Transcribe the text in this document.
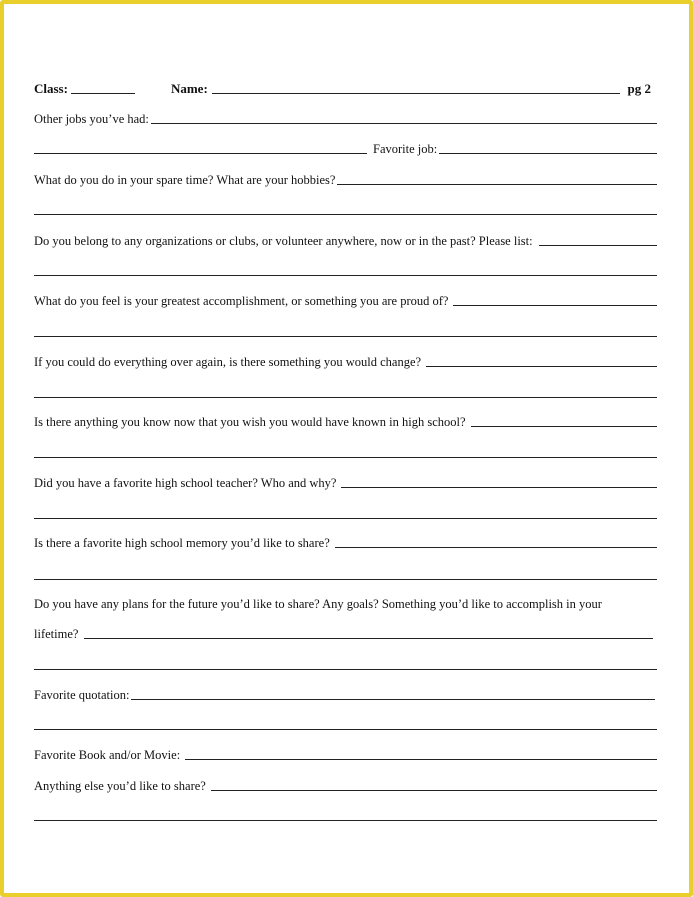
Class:	Name:	pg 2
Other jobs you’ve had:
Favorite job:
What do you do in your spare time? What are your hobbies?
Do you belong to any organizations or clubs, or volunteer anywhere, now or in the past? Please list:
What do you feel is your greatest accomplishment, or something you are proud of?
If you could do everything over again, is there something you would change?
Is there anything you know now that you wish you would have known in high school?
Did you have a favorite high school teacher? Who and why?
Is there a favorite high school memory you’d like to share?
Do you have any plans for the future you’d like to share? Any goals? Something you’d like to accomplish in your
lifetime?
Favorite quotation:
Favorite Book and/or Movie:
Anything else you’d like to share?
